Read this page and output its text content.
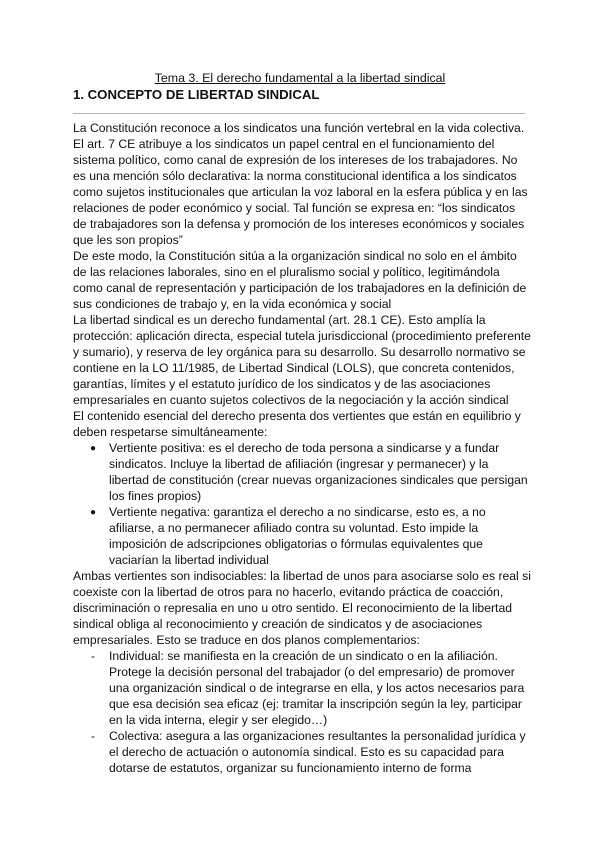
Tema 3. El derecho fundamental a la libertad sindical
1. CONCEPTO DE LIBERTAD SINDICAL
La Constitución reconoce a los sindicatos una función vertebral en la vida colectiva.
El art. 7 CE atribuye a los sindicatos un papel central en el funcionamiento del
sistema político, como canal de expresión de los intereses de los trabajadores. No
es una mención sólo declarativa: la norma constitucional identifica a los sindicatos
como sujetos institucionales que articulan la voz laboral en la esfera pública y en las
relaciones de poder económico y social. Tal función se expresa en: “los sindicatos
de trabajadores son la defensa y promoción de los intereses económicos y sociales
que les son propios”
De este modo, la Constitución sitúa a la organización sindical no solo en el ámbito
de las relaciones laborales, sino en el pluralismo social y político, legitimándola
como canal de representación y participación de los trabajadores en la definición de
sus condiciones de trabajo y, en la vida económica y social
La libertad sindical es un derecho fundamental (art. 28.1 CE). Esto amplía la
protección: aplicación directa, especial tutela jurisdiccional (procedimiento preferente
y sumario), y reserva de ley orgánica para su desarrollo. Su desarrollo normativo se
contiene en la LO 11/1985, de Libertad Sindical (LOLS), que concreta contenidos,
garantías, límites y el estatuto jurídico de los sindicatos y de las asociaciones
empresariales en cuanto sujetos colectivos de la negociación y la acción sindical
El contenido esencial del derecho presenta dos vertientes que están en equilibrio y
deben respetarse simultáneamente:
● Vertiente positiva: es el derecho de toda persona a sindicarse y a fundar
sindicatos. Incluye la libertad de afiliación (ingresar y permanecer) y la
libertad de constitución (crear nuevas organizaciones sindicales que persigan
los fines propios)
● Vertiente negativa: garantiza el derecho a no sindicarse, esto es, a no
afiliarse, a no permanecer afiliado contra su voluntad. Esto impide la
imposición de adscripciones obligatorias o fórmulas equivalentes que
vaciarían la libertad individual
Ambas vertientes son indisociables: la libertad de unos para asociarse solo es real si
coexiste con la libertad de otros para no hacerlo, evitando práctica de coacción,
discriminación o represalia en uno u otro sentido. El reconocimiento de la libertad
sindical obliga al reconocimiento y creación de sindicatos y de asociaciones
empresariales. Esto se traduce en dos planos complementarios:
- Individual: se manifiesta en la creación de un sindicato o en la afiliación.
Protege la decisión personal del trabajador (o del empresario) de promover
una organización sindical o de integrarse en ella, y los actos necesarios para
que esa decisión sea eficaz (ej: tramitar la inscripción según la ley, participar
en la vida interna, elegir y ser elegido…)
- Colectiva: asegura a las organizaciones resultantes la personalidad jurídica y
el derecho de actuación o autonomía sindical. Esto es su capacidad para
dotarse de estatutos, organizar su funcionamiento interno de forma
